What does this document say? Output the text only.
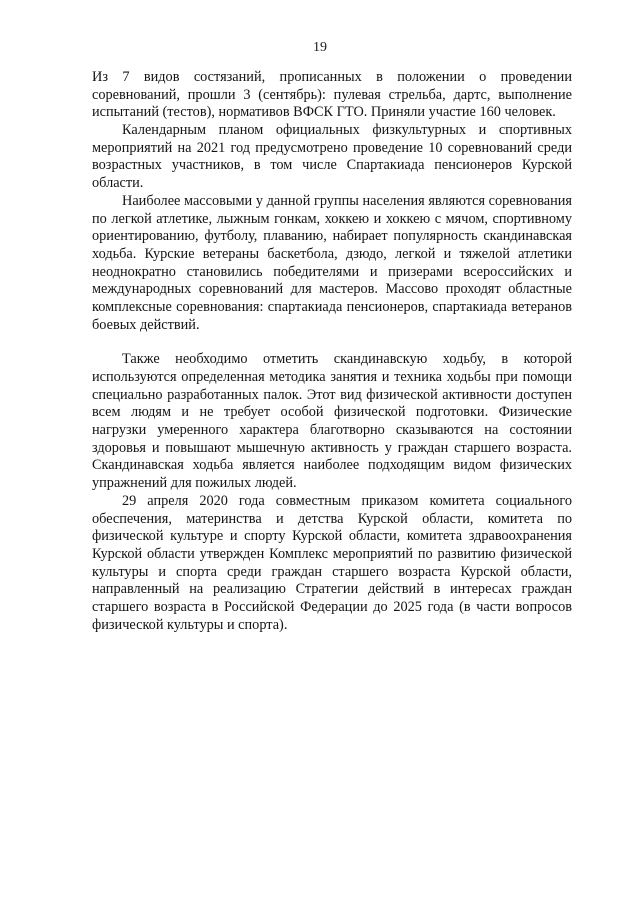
19
Из 7 видов состязаний, прописанных в положении о проведении
соревнований, прошли 3 (сентябрь): пулевая стрельба, дартс, выполнение
испытаний (тестов), нормативов ВФСК ГТО. Приняли участие 160 человек.
Календарным планом официальных физкультурных и спортивных
мероприятий на 2021 год предусмотрено проведение 10 соревнований среди
возрастных участников, в том числе Спартакиада пенсионеров Курской
области.
Наиболее массовыми у данной группы населения являются соревнования
по легкой атлетике, лыжным гонкам, хоккею и хоккею с мячом, спортивному
ориентированию, футболу, плаванию, набирает популярность скандинавская
ходьба. Курские ветераны баскетбола, дзюдо, легкой и тяжелой атлетики
неоднократно становились победителями и призерами всероссийских и
международных соревнований для мастеров. Массово проходят областные
комплексные соревнования: спартакиада пенсионеров, спартакиада ветеранов
боевых действий.
Также необходимо отметить скандинавскую ходьбу, в которой
используются определенная методика занятия и техника ходьбы при помощи
специально разработанных палок. Этот вид физической активности доступен
всем людям и не требует особой физической подготовки. Физические
нагрузки умеренного характера благотворно сказываются на состоянии
здоровья и повышают мышечную активность у граждан старшего возраста.
Скандинавская ходьба является наиболее подходящим видом физических
упражнений для пожилых людей.
29 апреля 2020 года совместным приказом комитета социального
обеспечения, материнства и детства Курской области, комитета по
физической культуре и спорту Курской области, комитета здравоохранения
Курской области утвержден Комплекс мероприятий по развитию физической
культуры и спорта среди граждан старшего возраста Курской области,
направленный на реализацию Стратегии действий в интересах граждан
старшего возраста в Российской Федерации до 2025 года (в части вопросов
физической культуры и спорта).
